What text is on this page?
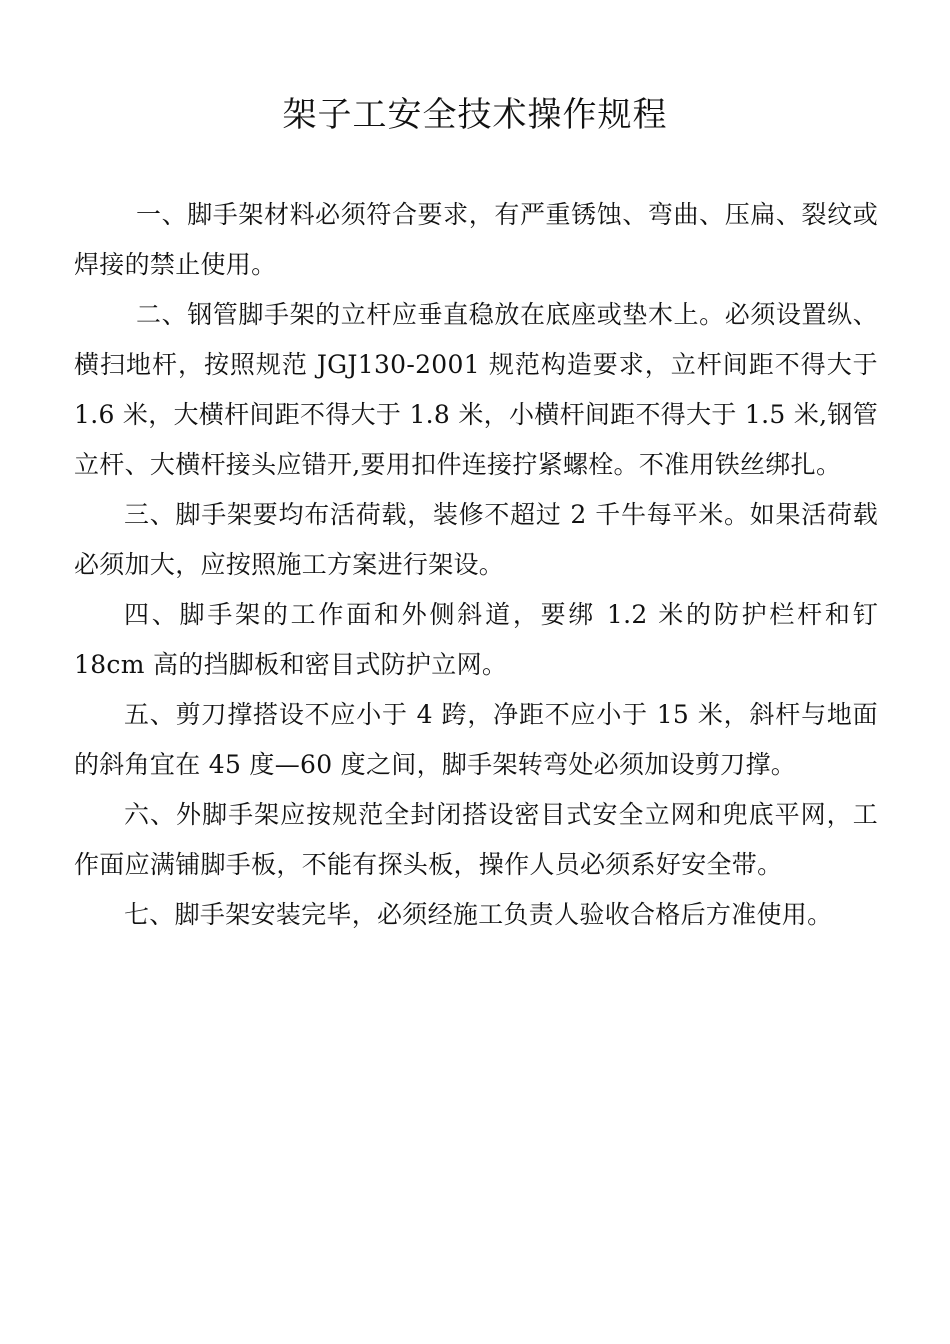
架子工安全技术操作规程

一、脚手架材料必须符合要求，有严重锈蚀、弯曲、压扁、裂纹或焊接的禁止使用。

二、钢管脚手架的立杆应垂直稳放在底座或垫木上。必须设置纵、横扫地杆，按照规范 JGJ130-2001 规范构造要求，立杆间距不得大于 1.6 米，大横杆间距不得大于 1.8 米，小横杆间距不得大于 1.5 米,钢管立杆、大横杆接头应错开,要用扣件连接拧紧螺栓。不准用铁丝绑扎。

三、脚手架要均布活荷载，装修不超过 2 千牛每平米。如果活荷载必须加大，应按照施工方案进行架设。

四、脚手架的工作面和外侧斜道，要绑 1.2 米的防护栏杆和钉 18cm 高的挡脚板和密目式防护立网。

五、剪刀撑搭设不应小于 4 跨，净距不应小于 15 米，斜杆与地面的斜角宜在 45 度—60 度之间，脚手架转弯处必须加设剪刀撑。

六、外脚手架应按规范全封闭搭设密目式安全立网和兜底平网，工作面应满铺脚手板，不能有探头板，操作人员必须系好安全带。

七、脚手架安装完毕，必须经施工负责人验收合格后方准使用。
